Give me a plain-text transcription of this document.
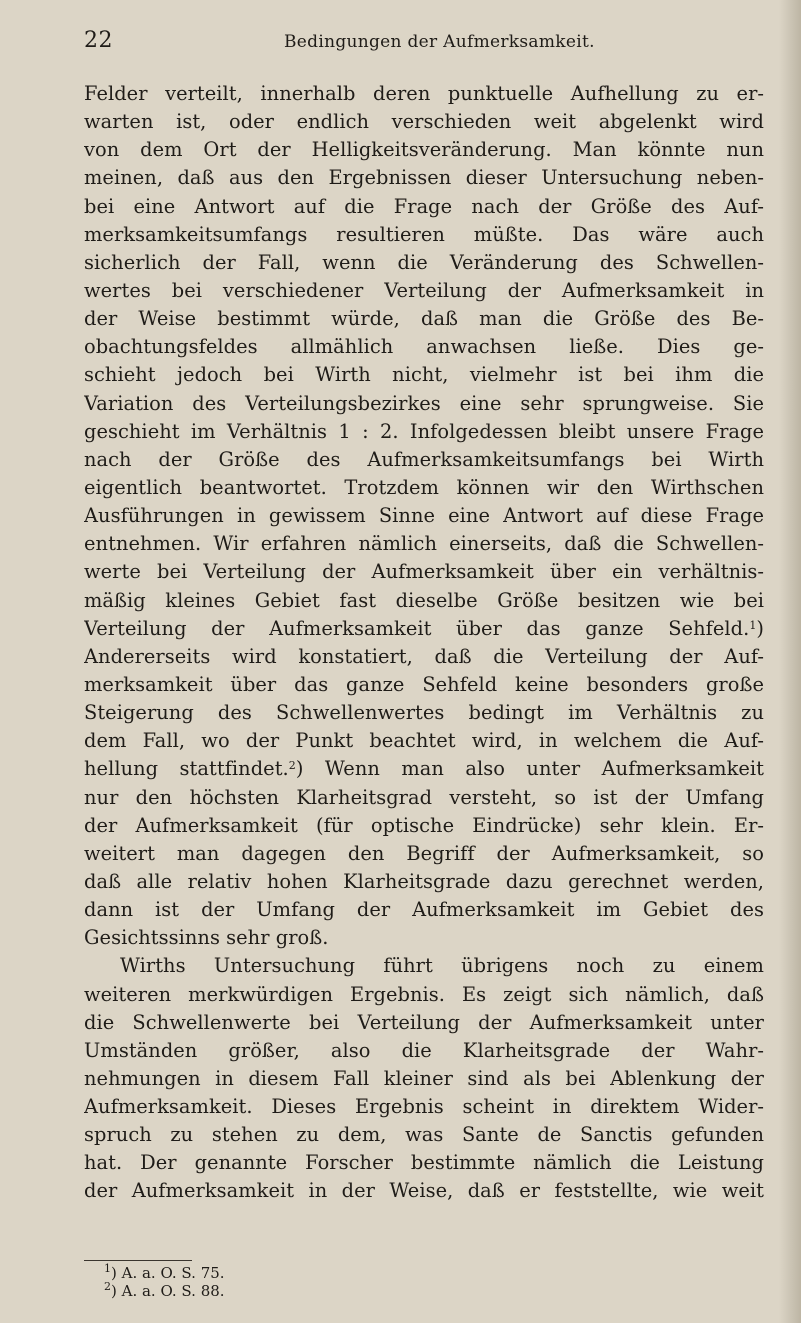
22	Bedingungen der Aufmerksamkeit.
Felder verteilt, innerhalb deren punktuelle Aufhellung zu er-
warten ist, oder endlich verschieden weit abgelenkt wird
von dem Ort der Helligkeitsveränderung. Man könnte nun
meinen, daß aus den Ergebnissen dieser Untersuchung neben-
bei eine Antwort auf die Frage nach der Größe des Auf-
merksamkeitsumfangs resultieren müßte. Das wäre auch
sicherlich der Fall, wenn die Veränderung des Schwellen-
wertes bei verschiedener Verteilung der Aufmerksamkeit in
der Weise bestimmt würde, daß man die Größe des Be-
obachtungsfeldes allmählich anwachsen ließe. Dies ge-
schieht jedoch bei Wirth nicht, vielmehr ist bei ihm die
Variation des Verteilungsbezirkes eine sehr sprungweise. Sie
geschieht im Verhältnis 1 : 2. Infolgedessen bleibt unsere Frage
nach der Größe des Aufmerksamkeitsumfangs bei Wirth
eigentlich beantwortet. Trotzdem können wir den Wirthschen
Ausführungen in gewissem Sinne eine Antwort auf diese Frage
entnehmen. Wir erfahren nämlich einerseits, daß die Schwellen-
werte bei Verteilung der Aufmerksamkeit über ein verhältnis-
mäßig kleines Gebiet fast dieselbe Größe besitzen wie bei
Verteilung der Aufmerksamkeit über das ganze Sehfeld.$^1$)
Andererseits wird konstatiert, daß die Verteilung der Auf-
merksamkeit über das ganze Sehfeld keine besonders große
Steigerung des Schwellenwertes bedingt im Verhältnis zu
dem Fall, wo der Punkt beachtet wird, in welchem die Auf-
hellung stattfindet.$^2$) Wenn man also unter Aufmerksamkeit
nur den höchsten Klarheitsgrad versteht, so ist der Umfang
der Aufmerksamkeit (für optische Eindrücke) sehr klein. Er-
weitert man dagegen den Begriff der Aufmerksamkeit, so
daß alle relativ hohen Klarheitsgrade dazu gerechnet werden,
dann ist der Umfang der Aufmerksamkeit im Gebiet des
Gesichtssinns sehr groß.
Wirths Untersuchung führt übrigens noch zu einem
weiteren merkwürdigen Ergebnis. Es zeigt sich nämlich, daß
die Schwellenwerte bei Verteilung der Aufmerksamkeit unter
Umständen größer, also die Klarheitsgrade der Wahr-
nehmungen in diesem Fall kleiner sind als bei Ablenkung der
Aufmerksamkeit. Dieses Ergebnis scheint in direktem Wider-
spruch zu stehen zu dem, was Sante de Sanctis gefunden
hat. Der genannte Forscher bestimmte nämlich die Leistung
der Aufmerksamkeit in der Weise, daß er feststellte, wie weit
$^1$) A. a. O. S. 75.
$^2$) A. a. O. S. 88.
